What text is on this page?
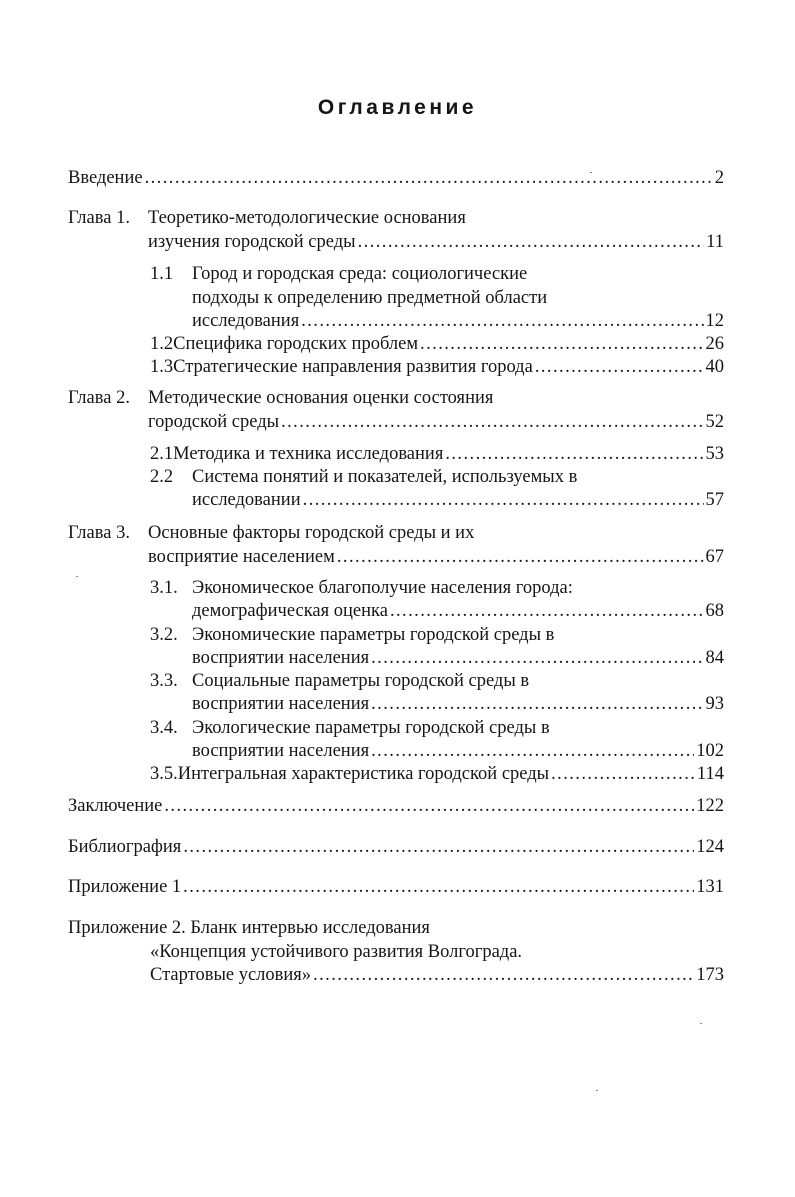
Оглавление
Введение . . .	2
Глава 1. Теоретико-методологические основания
изучения городской среды . . .	11
1.1 Город и городская среда: социологические
подходы к определению предметной области
исследования . . .	12
1.2 Специфика городских проблем . . .	26
1.3 Стратегические направления развития города . . .	40
Глава 2. Методические основания оценки состояния
городской среды . . .	52
2.1 Методика и техника исследования . . .	53
2.2 Система понятий и показателей, используемых в
исследовании . . .	57
Глава 3. Основные факторы городской среды и их
восприятие населением . . .	67
3.1. Экономическое благополучие населения города:
демографическая оценка . . .	68
3.2. Экономические параметры городской среды в
восприятии населения . . .	84
3.3. Социальные параметры городской среды в
восприятии населения . . .	93
3.4. Экологические параметры городской среды в
восприятии населения . . .	102
3.5. Интегральная характеристика городской среды . . .	114
Заключение . . .	122
Библиография . . .	124
Приложение 1 . . .	131
Приложение 2. Бланк интервью исследования
«Концепция устойчивого развития Волгограда.
Стартовые условия» . . .	173
